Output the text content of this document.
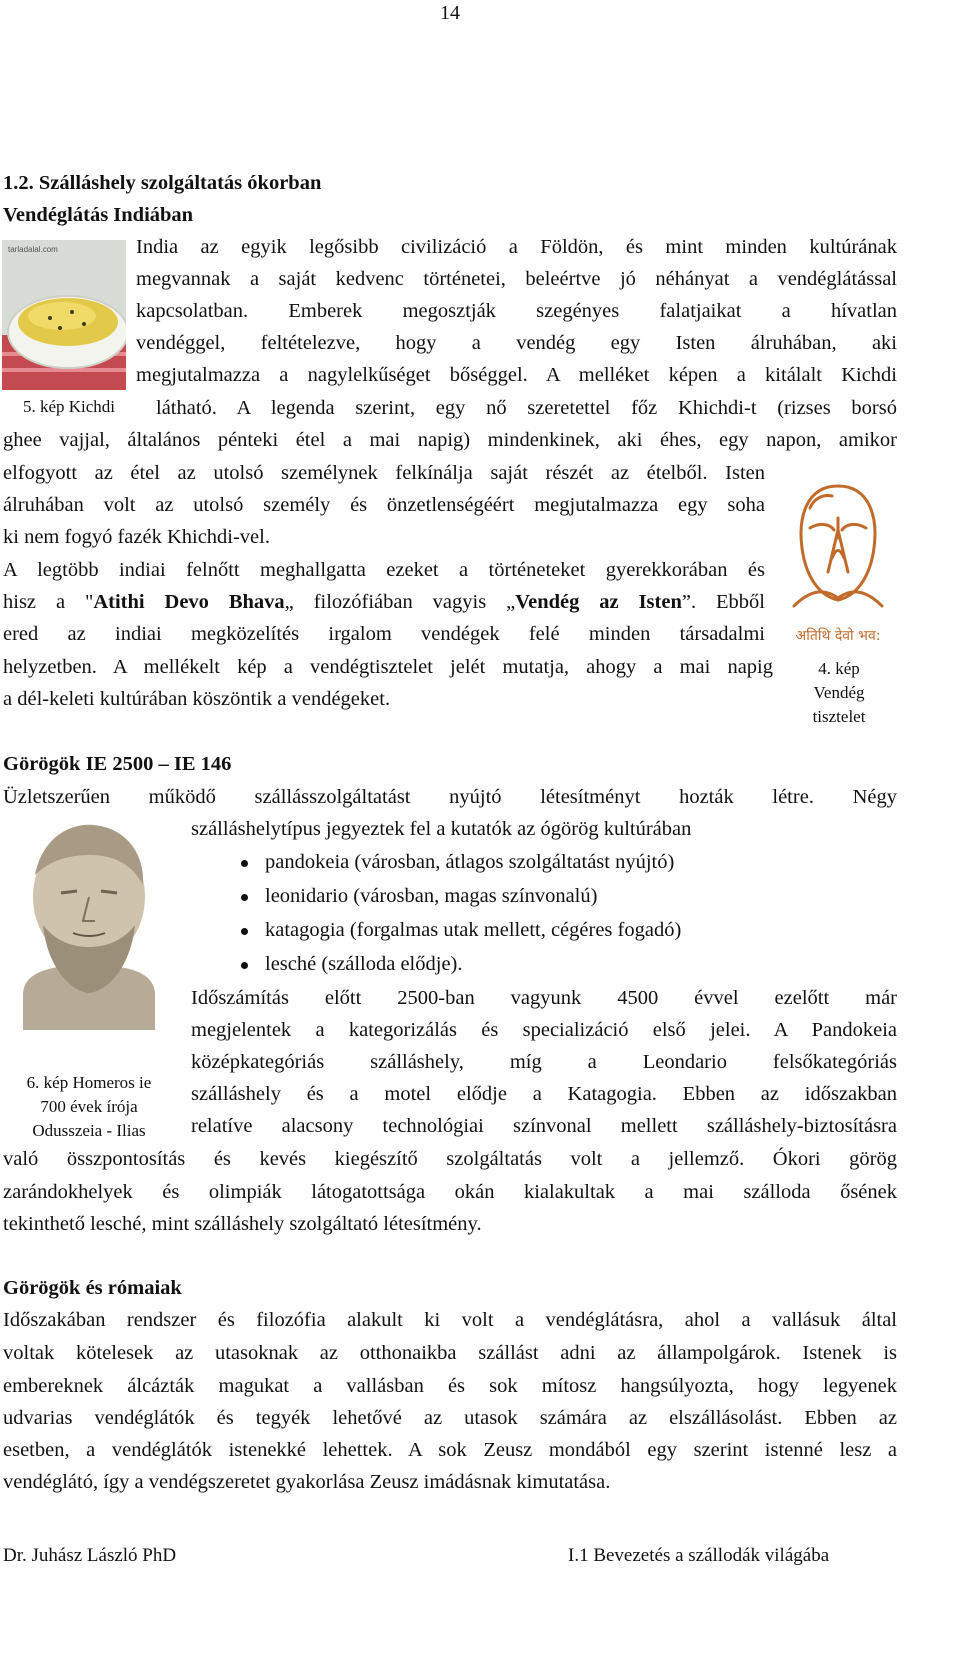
14
1.2. Szálláshely szolgáltatás ókorban
Vendéglátás Indiában
tarladalal.com
5. kép Kichdi
India az egyik legősibb civilizáció a Földön, és mint minden kultúrának
megvannak a saját kedvenc történetei, beleértve jó néhányat a vendéglátással
kapcsolatban. Emberek megosztják szegényes falatjaikat a hívatlan
vendéggel, feltételezve, hogy a vendég egy Isten álruhában, aki
megjutalmazza a nagylelkűséget bőséggel. A melléket képen a kitálalt Kichdi
látható. A legenda szerint, egy nő szeretettel főz Khichdi-t (rizses borsó
ghee vajjal, általános pénteki étel a mai napig) mindenkinek, aki éhes, egy napon, amikor
elfogyott az étel az utolsó személynek felkínálja saját részét az ételből. Isten
álruhában volt az utolsó személy és önzetlenségéért megjutalmazza egy soha
ki nem fogyó fazék Khichdi-vel.
A legtöbb indiai felnőtt meghallgatta ezeket a történeteket gyerekkorában és
hisz a "Atithi Devo Bhava„ filozófiában vagyis „Vendég az Isten”. Ebből
ered az indiai megközelítés irgalom vendégek felé minden társadalmi
helyzetben. A mellékelt kép a vendégtisztelet jelét mutatja, ahogy a mai napig
a dél-keleti kultúrában köszöntik a vendégeket.
अतिथि देवो भव:
4. kép
Vendég
tisztelet
Görögök IE 2500 – IE 146
Üzletszerűen működő szállásszolgáltatást nyújtó létesítményt hozták létre. Négy
szálláshelytípus jegyeztek fel a kutatók az ógörög kultúrában
6. kép Homeros ie
700 évek írója
Odusszeia - Ilias
pandokeia (városban, átlagos szolgáltatást nyújtó)
leonidario (városban, magas színvonalú)
katagogia (forgalmas utak mellett, cégéres fogadó)
lesché (szálloda elődje).
Időszámítás előtt 2500-ban vagyunk 4500 évvel ezelőtt már
megjelentek a kategorizálás és specializáció első jelei. A Pandokeia
középkategóriás szálláshely, míg a Leondario felsőkategóriás
szálláshely és a motel elődje a Katagogia. Ebben az időszakban
relatíve alacsony technológiai színvonal mellett szálláshely-biztosításra
való összpontosítás és kevés kiegészítő szolgáltatás volt a jellemző. Ókori görög
zarándokhelyek és olimpiák látogatottsága okán kialakultak a mai szálloda ősének
tekinthető lesché, mint szálláshely szolgáltató létesítmény.
Görögök és rómaiak
Időszakában rendszer és filozófia alakult ki volt a vendéglátásra, ahol a vallásuk által
voltak kötelesek az utasoknak az otthonaikba szállást adni az állampolgárok. Istenek is
embereknek álcázták magukat a vallásban és sok mítosz hangsúlyozta, hogy legyenek
udvarias vendéglátók és tegyék lehetővé az utasok számára az elszállásolást. Ebben az
esetben, a vendéglátók istenekké lehettek. A sok Zeusz mondából egy szerint istenné lesz a
vendéglátó, így a vendégszeretet gyakorlása Zeusz imádásnak kimutatása.
Dr. Juhász László PhD	I.1 Bevezetés a szállodák világába
